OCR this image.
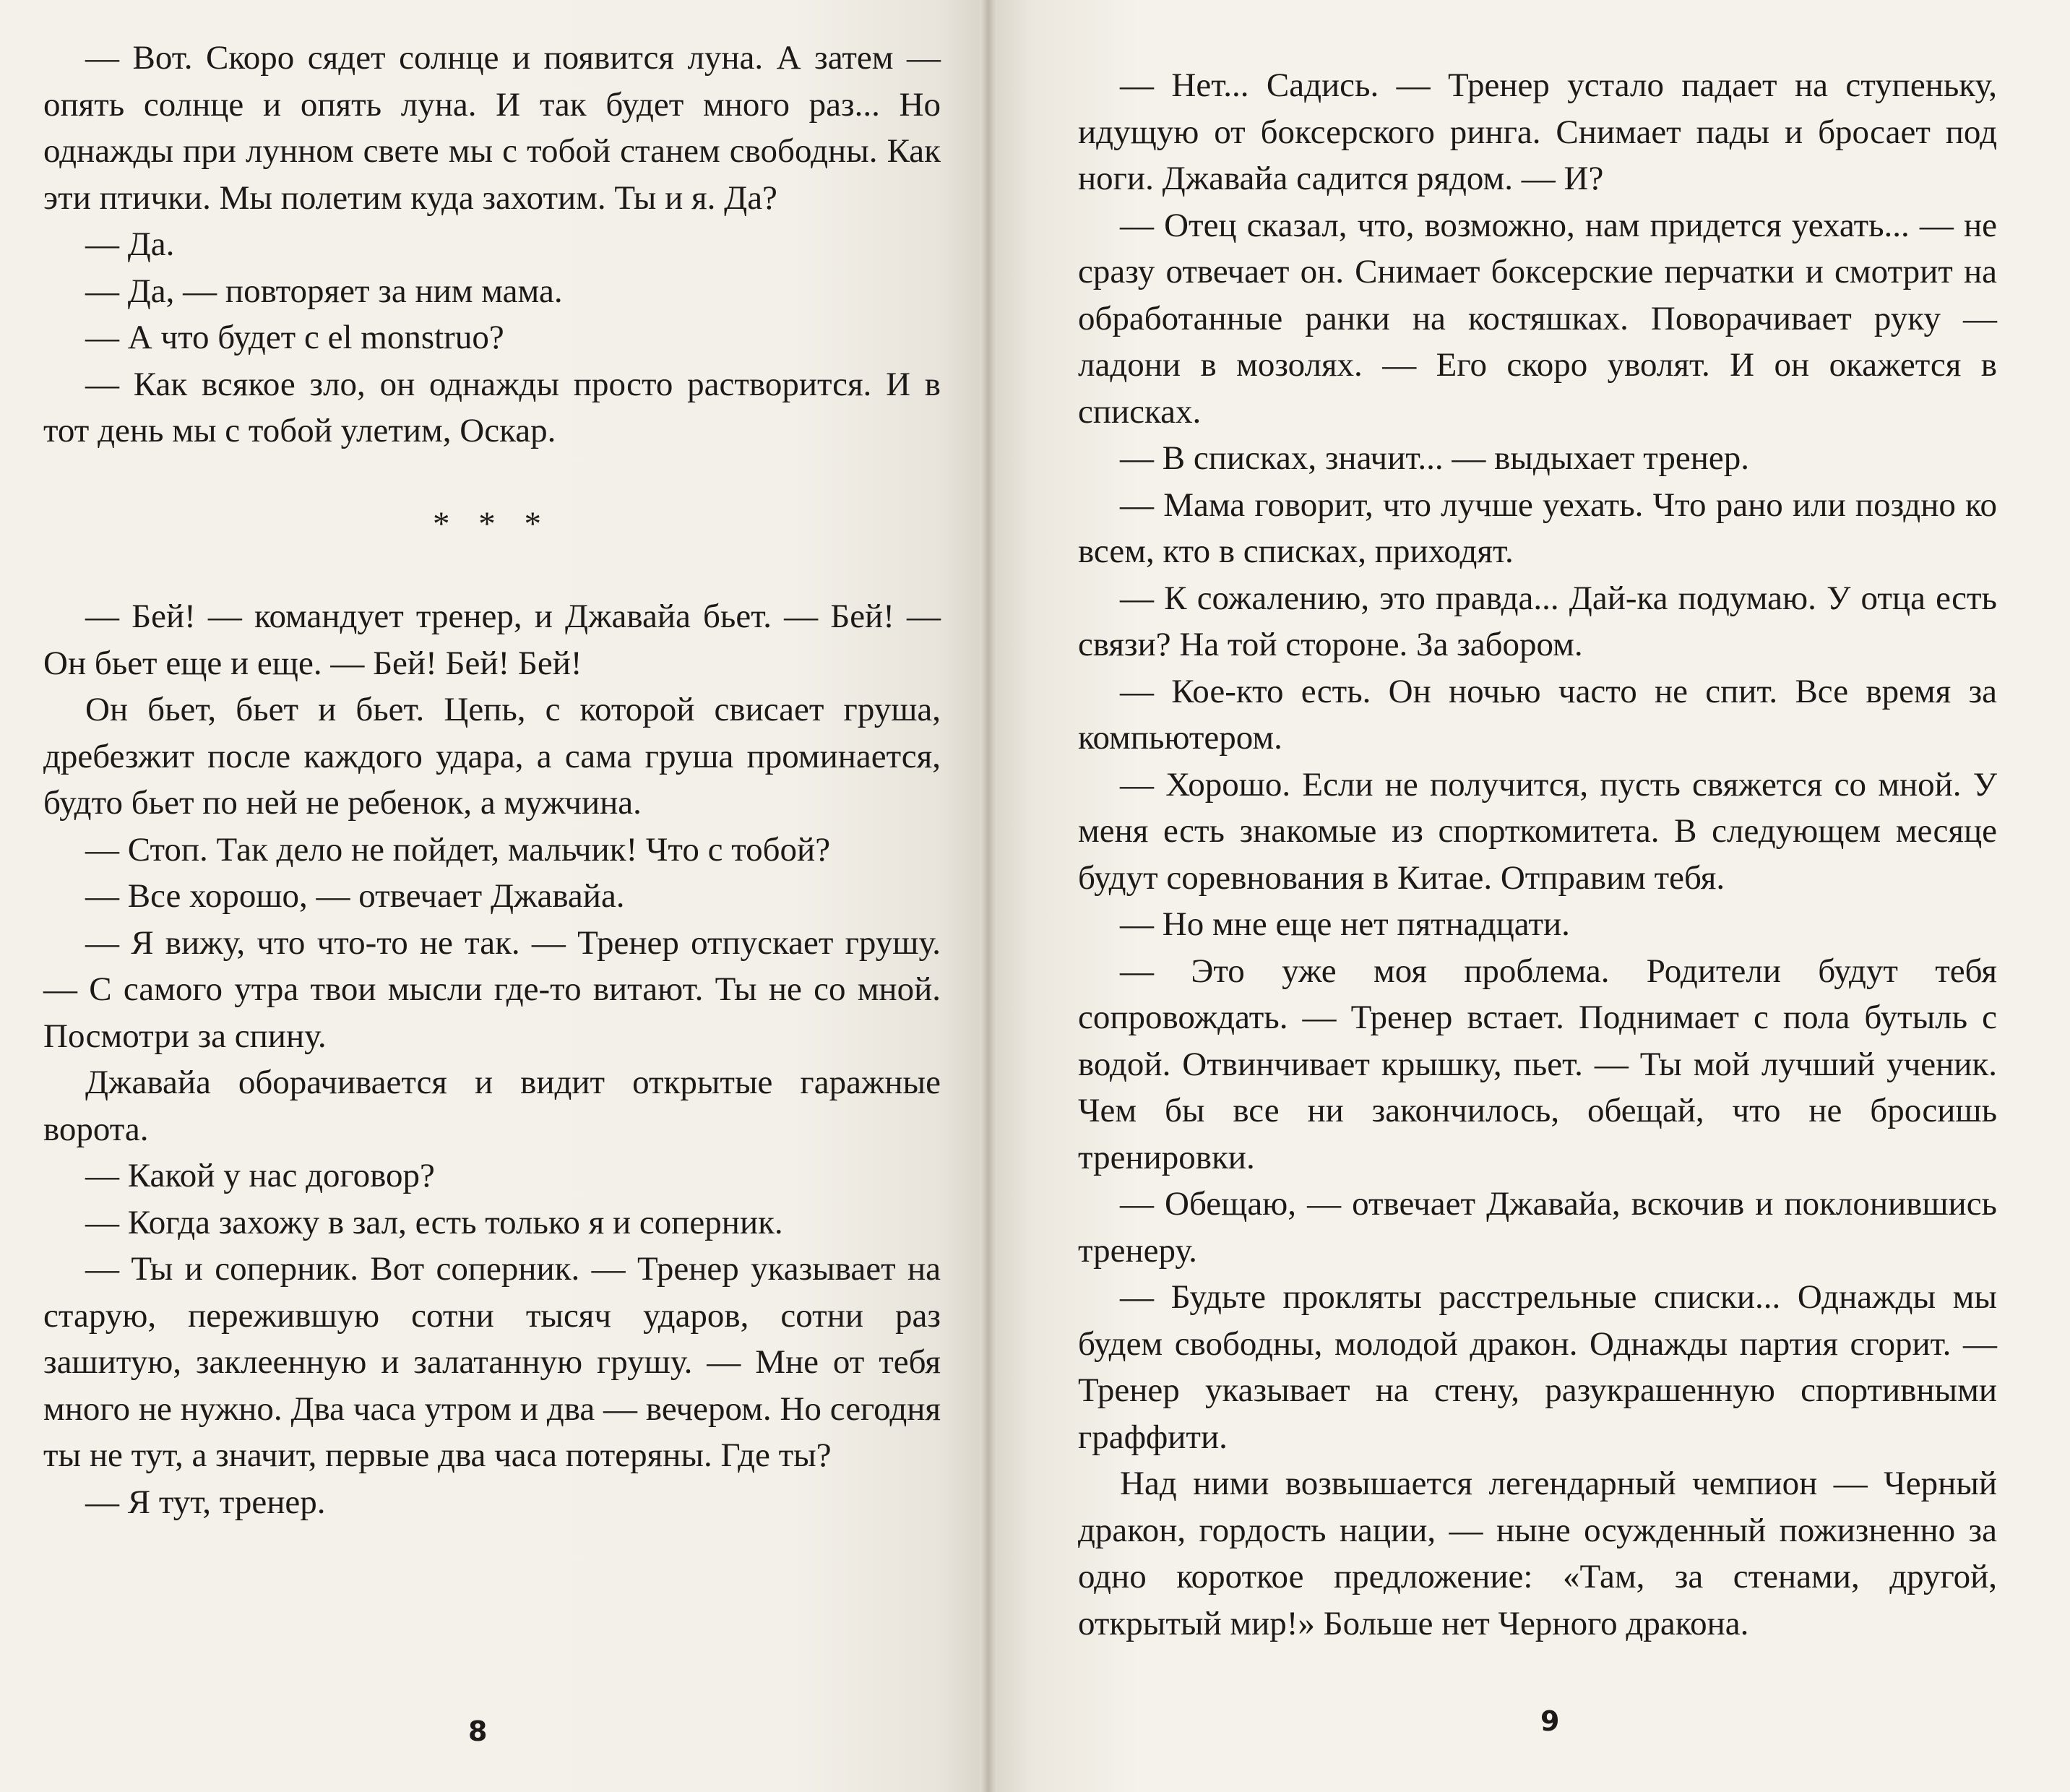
— Вот. Скоро сядет солнце и появится луна. А затем — опять солнце и опять луна. И так будет много раз... Но однажды при лунном свете мы с тобой станем свободны. Как эти птички. Мы полетим куда захотим. Ты и я. Да?

— Да.

— Да, — повторяет за ним мама.

— А что будет с el monstruo?

— Как всякое зло, он однажды просто растворится. И в тот день мы с тобой улетим, Оскар.

* * *

— Бей! — командует тренер, и Джавайа бьет. — Бей! — Он бьет еще и еще. — Бей! Бей! Бей!

Он бьет, бьет и бьет. Цепь, с которой свисает груша, дребезжит после каждого удара, а сама груша проминается, будто бьет по ней не ребенок, а мужчина.

— Стоп. Так дело не пойдет, мальчик! Что с тобой?

— Все хорошо, — отвечает Джавайа.

— Я вижу, что что-то не так. — Тренер отпускает грушу. — С самого утра твои мысли где-то витают. Ты не со мной. Посмотри за спину.

Джавайа оборачивается и видит открытые гаражные ворота.

— Какой у нас договор?

— Когда захожу в зал, есть только я и соперник.

— Ты и соперник. Вот соперник. — Тренер указывает на старую, пережившую сотни тысяч ударов, сотни раз зашитую, заклеенную и залатанную грушу. — Мне от тебя много не нужно. Два часа утром и два — вечером. Но сегодня ты не тут, а значит, первые два часа потеряны. Где ты?

— Я тут, тренер.

8

— Нет... Садись. — Тренер устало падает на ступеньку, идущую от боксерского ринга. Снимает пады и бросает под ноги. Джавайа садится рядом. — И?

— Отец сказал, что, возможно, нам придется уехать... — не сразу отвечает он. Снимает боксерские перчатки и смотрит на обработанные ранки на костяшках. Поворачивает руку — ладони в мозолях. — Его скоро уволят. И он окажется в списках.

— В списках, значит... — выдыхает тренер.

— Мама говорит, что лучше уехать. Что рано или поздно ко всем, кто в списках, приходят.

— К сожалению, это правда... Дай-ка подумаю. У отца есть связи? На той стороне. За забором.

— Кое-кто есть. Он ночью часто не спит. Все время за компьютером.

— Хорошо. Если не получится, пусть свяжется со мной. У меня есть знакомые из спорткомитета. В следующем месяце будут соревнования в Китае. Отправим тебя.

— Но мне еще нет пятнадцати.

— Это уже моя проблема. Родители будут тебя сопровождать. — Тренер встает. Поднимает с пола бутыль с водой. Отвинчивает крышку, пьет. — Ты мой лучший ученик. Чем бы все ни закончилось, обещай, что не бросишь тренировки.

— Обещаю, — отвечает Джавайа, вскочив и поклонившись тренеру.

— Будьте прокляты расстрельные списки... Однажды мы будем свободны, молодой дракон. Однажды партия сгорит. — Тренер указывает на стену, разукрашенную спортивными граффити.

Над ними возвышается легендарный чемпион — Черный дракон, гордость нации, — ныне осужденный пожизненно за одно короткое предложение: «Там, за стенами, другой, открытый мир!» Больше нет Черного дракона.

9
